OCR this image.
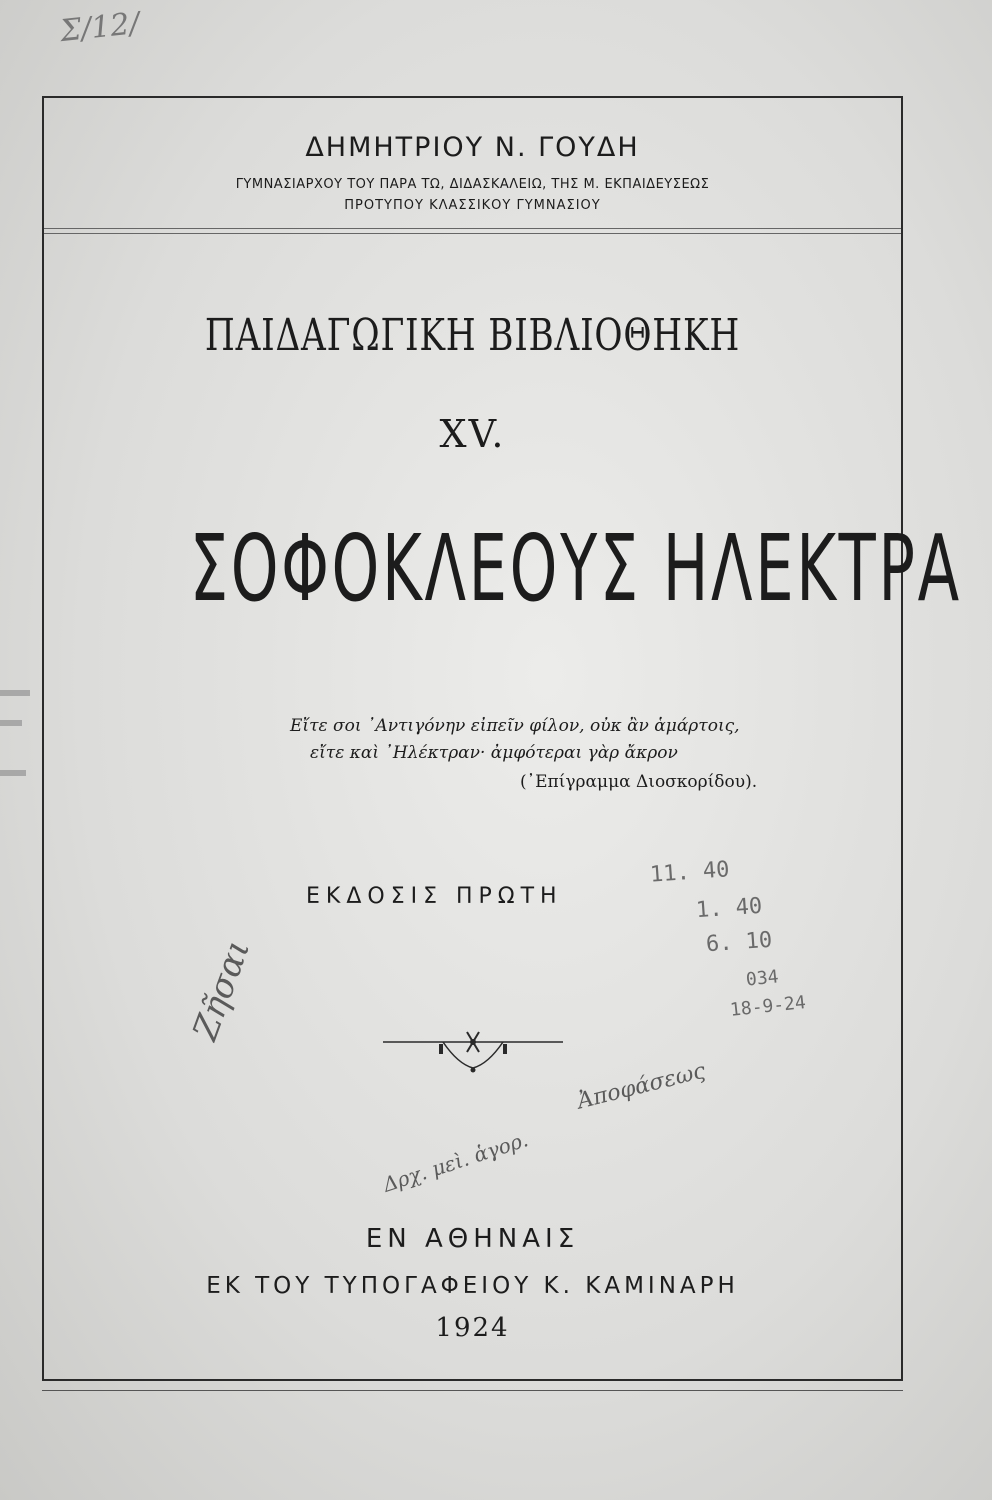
Σ/12/
ΔΗΜΗΤΡΙΟΥ Ν. ΓΟΥΔΗ
ΓΥΜΝΑΣΙΑΡΧΟΥ ΤΟΥ ΠΑΡΑ ΤΩ, ΔΙΔΑΣΚΑΛΕΙΩ, ΤΗΣ Μ. ΕΚΠΑΙΔΕΥΣΕΩΣ
ΠΡΟΤΥΠΟΥ ΚΛΑΣΣΙΚΟΥ ΓΥΜΝΑΣΙΟΥ
ΠΑΙΔΑΓΩΓΙΚΗ ΒΙΒΛΙΟΘΗΚΗ
XV.
ΣΟΦΟΚΛΕΟΥΣ ΗΛΕΚΤΡΑ
Εἴτε σοι ᾽Αντιγόνην εἰπεῖν φίλον, οὐκ ἂν ἁμάρτοις,
εἴτε καὶ ᾽Ηλέκτραν· ἀμφότεραι γὰρ ἄκρον
(᾽Επίγραμμα Διοσκορίδου).
ΕΚΔΟΣΙΣ ΠΡΩΤΗ
11. 40
1. 40
6. 10
034
18-9-24
Ζῆσαι
Ἀποφάσεως
Δρχ. μεὶ. ἁγορ.
ΕΝ ΑΘΗΝΑΙΣ
ΕΚ ΤΟΥ ΤΥΠΟΓΑΦΕΙΟΥ Κ. ΚΑΜΙΝΑΡΗ
1924
